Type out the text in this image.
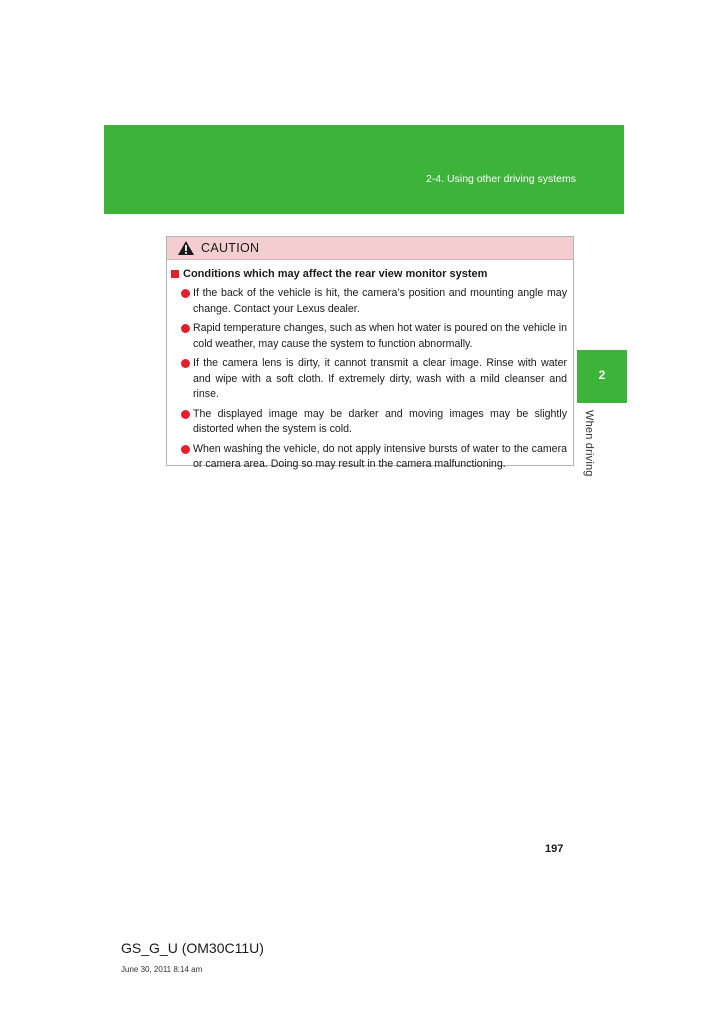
2-4. Using other driving systems
2
When driving
CAUTION
Conditions which may affect the rear view monitor system
If the back of the vehicle is hit, the camera’s position and mounting angle may change. Contact your Lexus dealer.
Rapid temperature changes, such as when hot water is poured on the vehicle in cold weather, may cause the system to function abnormally.
If the camera lens is dirty, it cannot transmit a clear image. Rinse with water and wipe with a soft cloth. If extremely dirty, wash with a mild cleanser and rinse.
The displayed image may be darker and moving images may be slightly distorted when the system is cold.
When washing the vehicle, do not apply intensive bursts of water to the camera or camera area. Doing so may result in the camera malfunctioning.
197
GS_G_U (OM30C11U)
June 30, 2011 8:14 am
